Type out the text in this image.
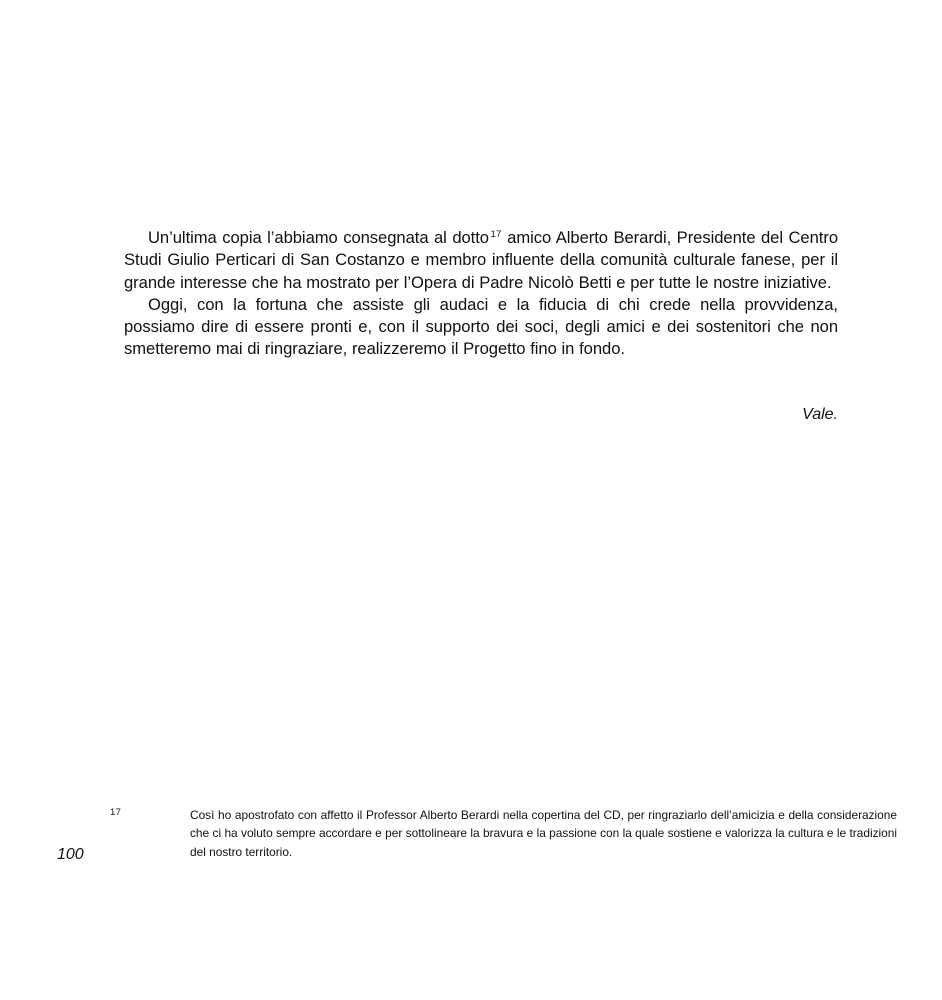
Un’ultima copia l’abbiamo consegnata al dotto $^{17}$ amico Alberto Berardi, Presidente del Centro Studi Giulio Perticari di San Costanzo e membro influente della comunità culturale fanese, per il grande interesse che ha mostrato per l’Opera di Padre Nicolò Betti e per tutte le nostre iniziative.

Oggi, con la fortuna che assiste gli audaci e la fiducia di chi crede nella provvidenza, possiamo dire di essere pronti e, con il supporto dei soci, degli amici e dei sostenitori che non smetteremo mai di ringraziare, realizzeremo il Progetto fino in fondo.

Vale.
17	Così ho apostrofato con affetto il Professor Alberto Berardi nella copertina del CD, per ringraziarlo dell’amicizia e della considerazione che ci ha voluto sempre accordare e per sottolineare la bravura e la passione con la quale sostiene e valorizza la cultura e le tradizioni del nostro territorio.

100
